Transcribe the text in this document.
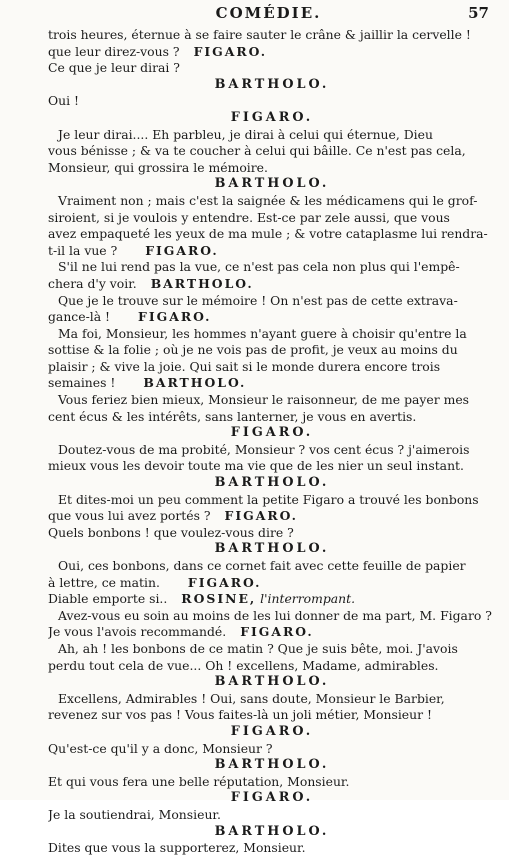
COMÉDIE.	57
trois heures, éternue à se faire sauter le crâne & jaillir la cervelle !
que leur direz-vous ? FIGARO.
Ce que je leur dirai ?
BARTHOLO.
Oui !
FIGARO.
Je leur dirai.... Eh parbleu, je dirai à celui qui éternue, Dieu
vous bénisse ; & va te coucher à celui qui bâille. Ce n'est pas cela,
Monsieur, qui grossira le mémoire.
BARTHOLO.
Vraiment non ; mais c'est la saignée & les médicamens qui le grof-
siroient, si je voulois y entendre. Est-ce par zele aussi, que vous
avez empaqueté les yeux de ma mule ; & votre cataplasme lui rendra-
t-il la vue ? FIGARO.
S'il ne lui rend pas la vue, ce n'est pas cela non plus qui l'empê-
chera d'y voir. BARTHOLO.
Que je le trouve sur le mémoire ! On n'est pas de cette extrava-
gance-là ! FIGARO.
Ma foi, Monsieur, les hommes n'ayant guere à choisir qu'entre la
sottise & la folie ; où je ne vois pas de profit, je veux au moins du
plaisir ; & vive la joie. Qui sait si le monde durera encore trois
semaines ! BARTHOLO.
Vous feriez bien mieux, Monsieur le raisonneur, de me payer mes
cent écus & les intérêts, sans lanterner, je vous en avertis.
FIGARO.
Doutez-vous de ma probité, Monsieur ? vos cent écus ? j'aimerois
mieux vous les devoir toute ma vie que de les nier un seul instant.
BARTHOLO.
Et dites-moi un peu comment la petite Figaro a trouvé les bonbons
que vous lui avez portés ? FIGARO.
Quels bonbons ! que voulez-vous dire ?
BARTHOLO.
Oui, ces bonbons, dans ce cornet fait avec cette feuille de papier
à lettre, ce matin. FIGARO.
Diable emporte si.. ROSINE, l'interrompant.
Avez-vous eu soin au moins de les lui donner de ma part, M. Figaro ?
Je vous l'avois recommandé. FIGARO.
Ah, ah ! les bonbons de ce matin ? Que je suis bête, moi. J'avois
perdu tout cela de vue... Oh ! excellens, Madame, admirables.
BARTHOLO.
Excellens, Admirables ! Oui, sans doute, Monsieur le Barbier,
revenez sur vos pas ! Vous faites-là un joli métier, Monsieur !
FIGARO.
Qu'est-ce qu'il y a donc, Monsieur ?
BARTHOLO.
Et qui vous fera une belle réputation, Monsieur.
FIGARO.
Je la soutiendrai, Monsieur.
BARTHOLO.
Dites que vous la supporterez, Monsieur.
